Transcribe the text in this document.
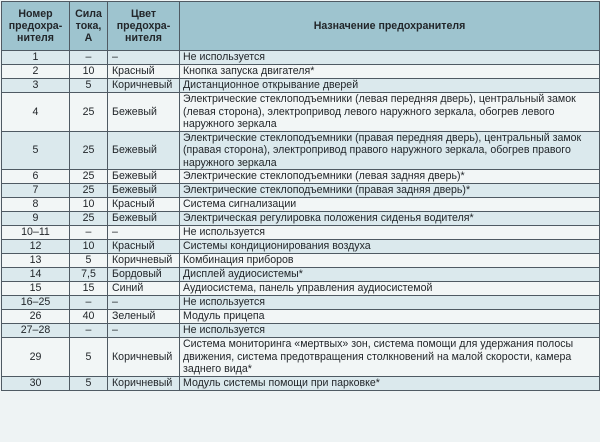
Номер предохра-нителя	Сила тока, А	Цвет предохра-нителя	Назначение предохранителя
1	–	–	Не используется
2	10	Красный	Кнопка запуска двигателя*
3	5	Коричневый	Дистанционное открывание дверей
4	25	Бежевый	Электрические стеклоподъемники (левая передняя дверь), центральный замок (левая сторона), электропривод левого наружного зеркала, обогрев левого наружного зеркала
5	25	Бежевый	Электрические стеклоподъемники (правая передняя дверь), центральный замок (правая сторона), электропривод правого наружного зеркала, обогрев правого наружного зеркала
6	25	Бежевый	Электрические стеклоподъемники (левая задняя дверь)*
7	25	Бежевый	Электрические стеклоподъемники (правая задняя дверь)*
8	10	Красный	Система сигнализации
9	25	Бежевый	Электрическая регулировка положения сиденья водителя*
10–11	–	–	Не используется
12	10	Красный	Системы кондиционирования воздуха
13	5	Коричневый	Комбинация приборов
14	7,5	Бордовый	Дисплей аудиосистемы*
15	15	Синий	Аудиосистема, панель управления аудиосистемой
16–25	–	–	Не используется
26	40	Зеленый	Модуль прицепа
27–28	–	–	Не используется
29	5	Коричневый	Система мониторинга «мертвых» зон, система помощи для удержания полосы движения, система предотвращения столкновений на малой скорости, камера заднего вида*
30	5	Коричневый	Модуль системы помощи при парковке*
